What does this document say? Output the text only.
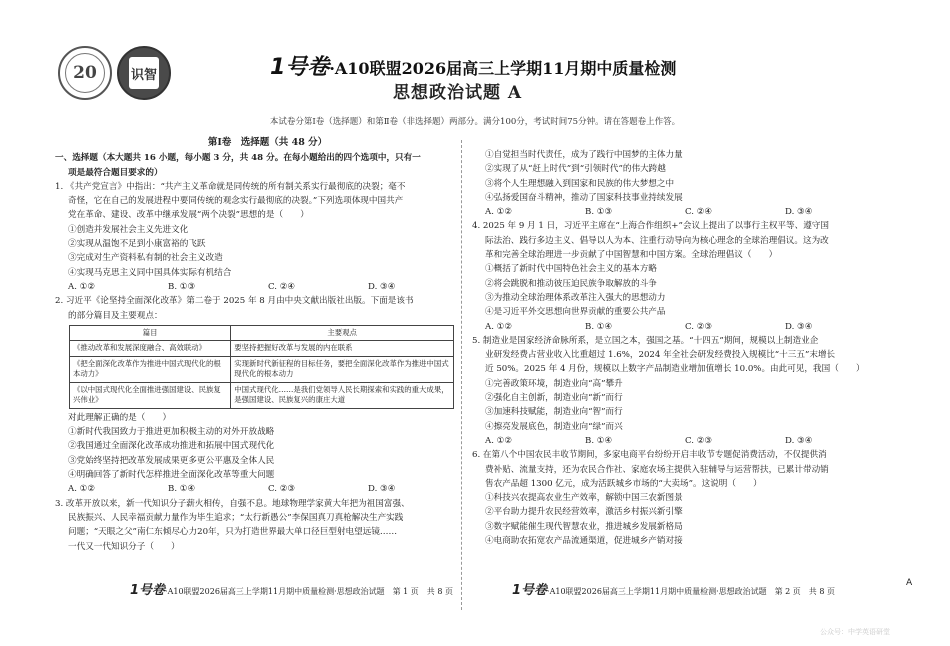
20	识智	1号卷·A10联盟2026届高三上学期11月期中质量检测
思想政治试题 A
本试卷分第Ⅰ卷（选择题）和第Ⅱ卷（非选择题）两部分。满分100分，考试时间75分钟。请在答题卷上作答。
第Ⅰ卷　选择题（共 48 分）
一、选择题（本大题共 16 小题，每小题 3 分，共 48 分。在每小题给出的四个选项中，只有一
项是最符合题目要求的）
1. 《共产党宣言》中指出：“共产主义革命就是同传统的所有制关系实行最彻底的决裂；毫不
奇怪，它在自己的发展进程中要同传统的观念实行最彻底的决裂。”下列选项体现中国共产
党在革命、建设、改革中继承发展“两个决裂”思想的是（　　）
①创造并发展社会主义先进文化
②实现从温饱不足到小康富裕的飞跃
③完成对生产资料私有制的社会主义改造
④实现马克思主义同中国具体实际有机结合
A. ①②	B. ①③	C. ②④	D. ③④
2. 习近平《论坚持全面深化改革》第二卷于 2025 年 8 月由中央文献出版社出版。下面是该书
的部分篇目及主要观点：
篇目	主要观点
《推动改革和发展深度融合、高效联动》	要坚持把握好改革与发展的内在联系
《把全面深化改革作为推进中国式现代化的根本动力》	实现新时代新征程的目标任务，要把全面深化改革作为推进中国式现代化的根本动力
《以中国式现代化全面推进强国建设、民族复兴伟业》	中国式现代化……是我们党领导人民长期探索和实践的重大成果，是强国建设、民族复兴的康庄大道
对此理解正确的是（　　）
①新时代我国致力于推进更加积极主动的对外开放战略
②我国通过全面深化改革成功推进和拓展中国式现代化
③党始终坚持把改革发展成果更多更公平惠及全体人民
④明确回答了新时代怎样推进全面深化改革等重大问题
A. ①②	B. ①④	C. ②③	D. ③④
3. 改革开放以来，新一代知识分子薪火相传，自强不息。地球物理学家黄大年把为祖国富强、
民族振兴、人民幸福贡献力量作为毕生追求；“太行新愚公”李保国真刀真枪解决生产实践
问题；“天眼之父”南仁东倾尽心力20年，只为打造世界最大单口径巨型射电望远镜……
一代又一代知识分子（　　）
①自觉担当时代责任，成为了践行中国梦的主体力量
②实现了从“赶上时代”到“引领时代”的伟大跨越
③将个人生理想融入到国家和民族的伟大梦想之中
④弘扬爱国奋斗精神，推动了国家科技事业持续发展
A. ①②	B. ①③	C. ②④	D. ③④
4. 2025 年 9 月 1 日，习近平主席在“上海合作组织+”会议上提出了以事行主权平等、遵守国
际法治、践行多边主义、倡导以人为本、注重行动导向为核心理念的全球治理倡议。这为改
革和完善全球治理进一步贡献了中国智慧和中国方案。全球治理倡议（　　）
①概括了新时代中国特色社会主义的基本方略
②将会跳脱和推动彼压迫民族争取解放的斗争
③为推动全球治理体系改革注入强大的思想动力
④是习近平外交思想向世界贡献的重要公共产品
A. ①②	B. ①④	C. ②③	D. ③④
5. 制造业是国家经济命脉所系，是立国之本，强国之基。“十四五”期间，规模以上制造业企
业研发经费占营业收入比重超过 1.6%，2024 年全社会研发经费投入规模比“十三五”末增长
近 50%。2025 年 4 月份，规模以上数字产品制造业增加值增长 10.0%。由此可见，我国（　　）
①完善政策环境，制造业向“高”攀升
②强化自主创新，制造业向“新”而行
③加速科技赋能，制造业向“智”而行
④擦亮发展底色，制造业向“绿”而兴
A. ①②	B. ①④	C. ②③	D. ③④
6. 在第八个中国农民丰收节期间，多家电商平台纷纷开启丰收节专题促消费活动，不仅提供消
费补贴、流量支持，还为农民合作社、家庭农场主提供入驻辅导与运营帮扶，已累计带动销
售农产品超 1300 亿元，成为活跃城乡市场的“大卖场”。这说明（　　）
①科技兴农提高农业生产效率，解锁中国三农新图景
②平台助力提升农民经营效率，激活乡村振兴新引擎
③数字赋能催生现代智慧农业，推进城乡发展新格局
④电商助农拓宽农产品流通渠道，促进城乡产销对接
1号卷·A10联盟2026届高三上学期11月期中质量检测·思想政治试题　第 1 页　共 8 页	1号卷·A10联盟2026届高三上学期11月期中质量检测·思想政治试题　第 2 页　共 8 页
A
公众号：中学英语研堂
